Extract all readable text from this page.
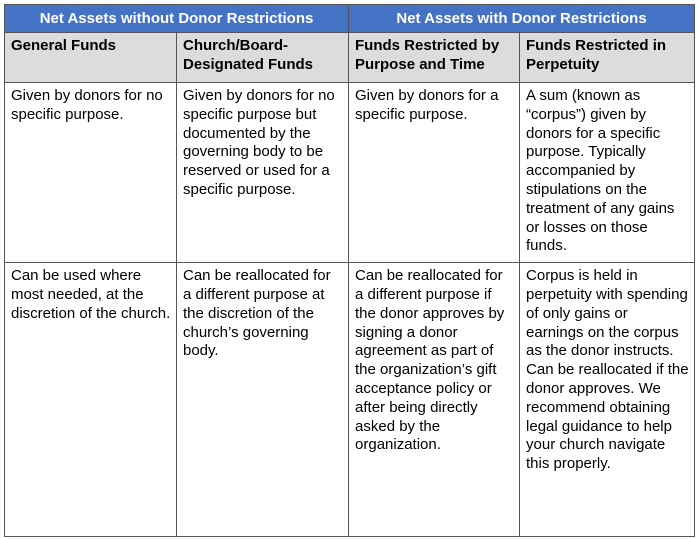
Net Assets without Donor Restrictions		Net Assets with Donor Restrictions	
General Funds	Church/Board-Designated Funds	Funds Restricted by Purpose and Time	Funds Restricted in Perpetuity
Given by donors for no specific purpose.	Given by donors for no specific purpose but documented by the governing body to be reserved or used for a specific purpose.	Given by donors for a specific purpose.	A sum (known as “corpus”) given by donors for a specific purpose. Typically accompanied by stipulations on the treatment of any gains or losses on those funds.
Can be used where most needed, at the discretion of the church.	Can be reallocated for a different purpose at the discretion of the church’s governing body.	Can be reallocated for a different purpose if the donor approves by signing a donor agreement as part of the organization’s gift acceptance policy or after being directly asked by the organization.	Corpus is held in perpetuity with spending of only gains or earnings on the corpus as the donor instructs. Can be reallocated if the donor approves. We recommend obtaining legal guidance to help your church navigate this properly.
